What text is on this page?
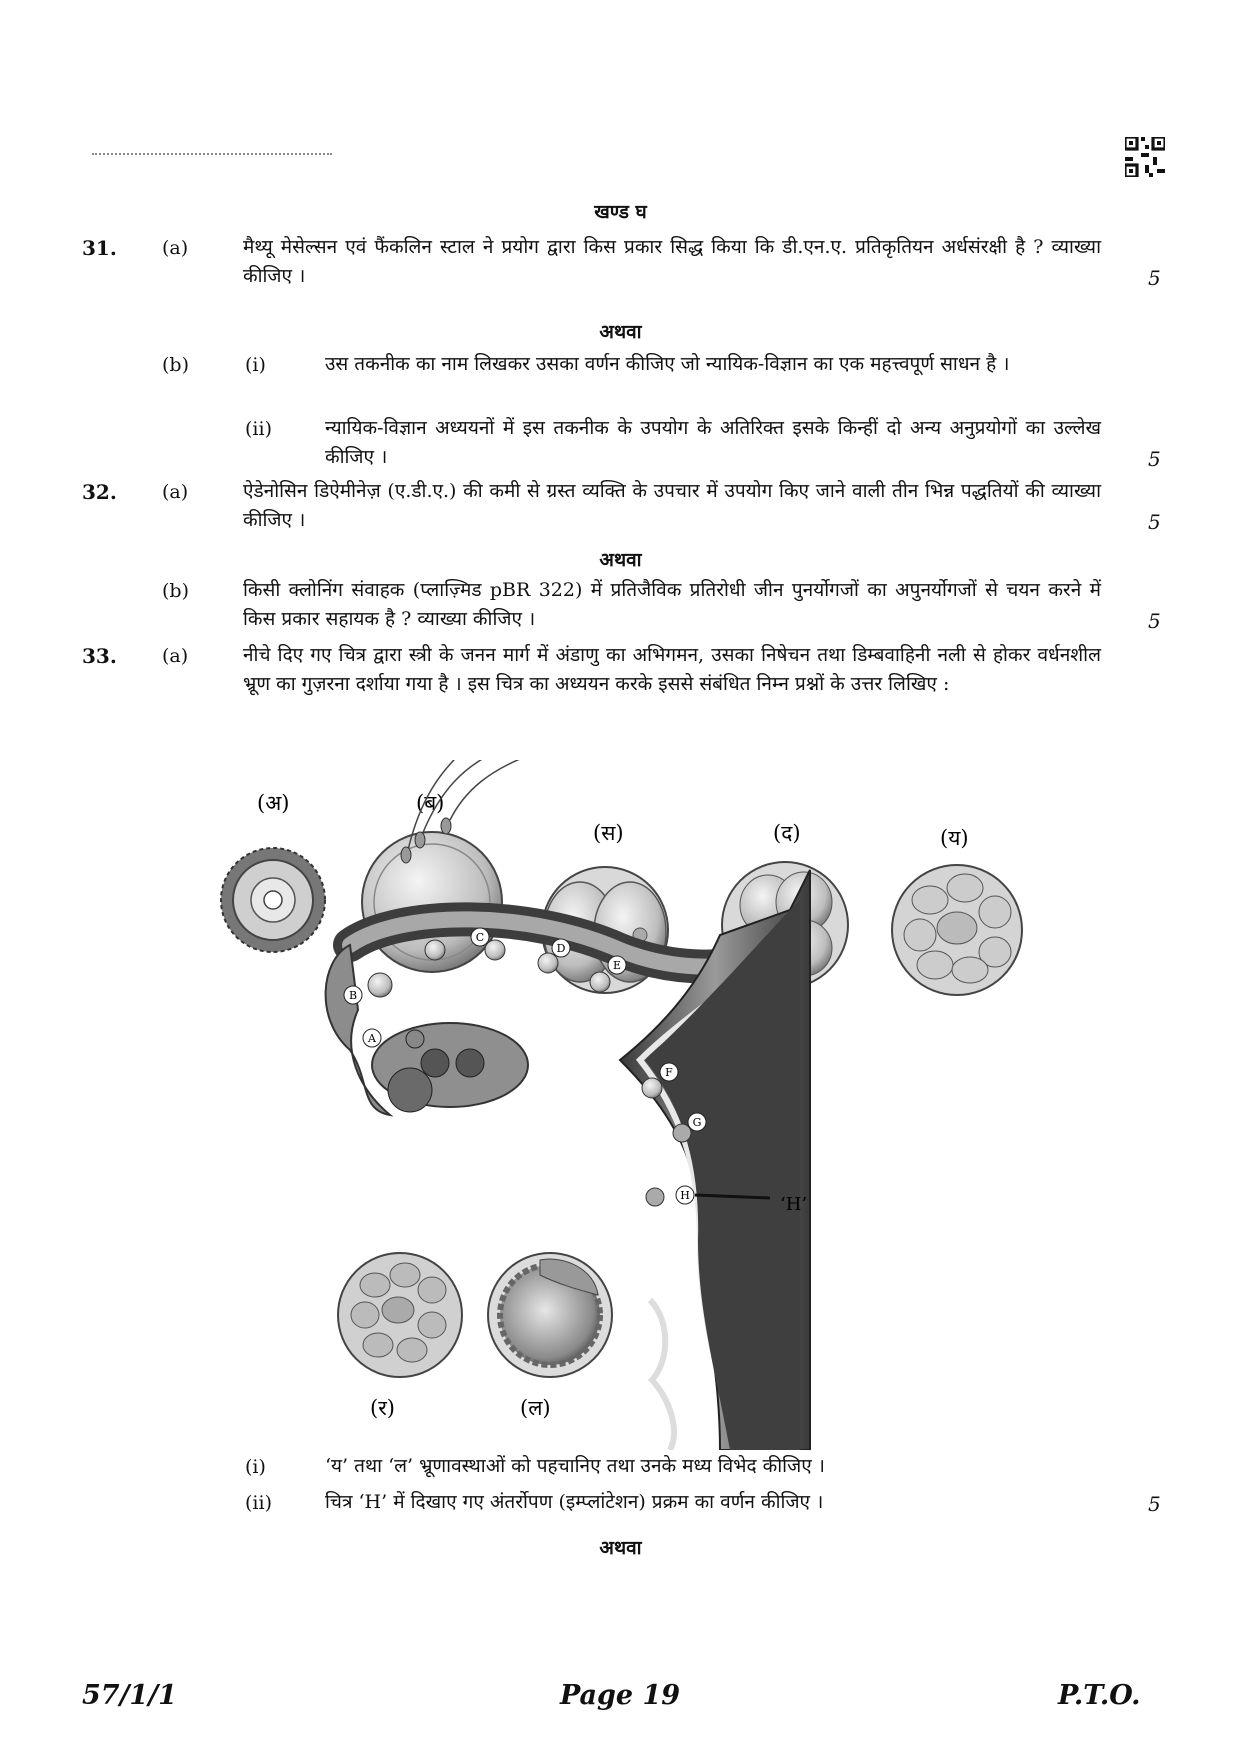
खण्ड घ
31. (a)	मैथ्यू मेसेल्सन एवं फैंकलिन स्टाल ने प्रयोग द्वारा किस प्रकार सिद्ध किया कि डी.एन.ए. प्रतिकृतियन अर्धसंरक्षी है ? व्याख्या कीजिए ।	5
अथवा
(b)	(i)	उस तकनीक का नाम लिखकर उसका वर्णन कीजिए जो न्यायिक-विज्ञान का एक महत्त्वपूर्ण साधन है ।
(ii)	न्यायिक-विज्ञान अध्ययनों में इस तकनीक के उपयोग के अतिरिक्त इसके किन्हीं दो अन्य अनुप्रयोगों का उल्लेख कीजिए ।	5
32. (a)	ऐडेनोसिन डिऐमीनेज़ (ए.डी.ए.) की कमी से ग्रस्त व्यक्ति के उपचार में उपयोग किए जाने वाली तीन भिन्न पद्धतियों की व्याख्या कीजिए ।	5
अथवा
(b)	किसी क्लोनिंग संवाहक (प्लाज़्मिड pBR 322) में प्रतिजैविक प्रतिरोधी जीन पुनर्योगजों का अपुनर्योगजों से चयन करने में किस प्रकार सहायक है ? व्याख्या कीजिए ।	5
33. (a)	नीचे दिए गए चित्र द्वारा स्त्री के जनन मार्ग में अंडाणु का अभिगमन, उसका निषेचन तथा डिम्बवाहिनी नली से होकर वर्धनशील भ्रूण का गुज़रना दर्शाया गया है । इस चित्र का अध्ययन करके इससे संबंधित निम्न प्रश्नों के उत्तर लिखिए :
(अ)	(ब)
(स)	(द)	(य)
A
B
C
D
E
F
G
H	‘H’
(र)	(ल)
(i)	‘य’ तथा ‘ल’ भ्रूणावस्थाओं को पहचानिए तथा उनके मध्य विभेद कीजिए ।
(ii)	चित्र ‘H’ में दिखाए गए अंतर्रोपण (इम्प्लांटेशन) प्रक्रम का वर्णन कीजिए ।	5
अथवा
57/1/1	Page 19	P.T.O.
